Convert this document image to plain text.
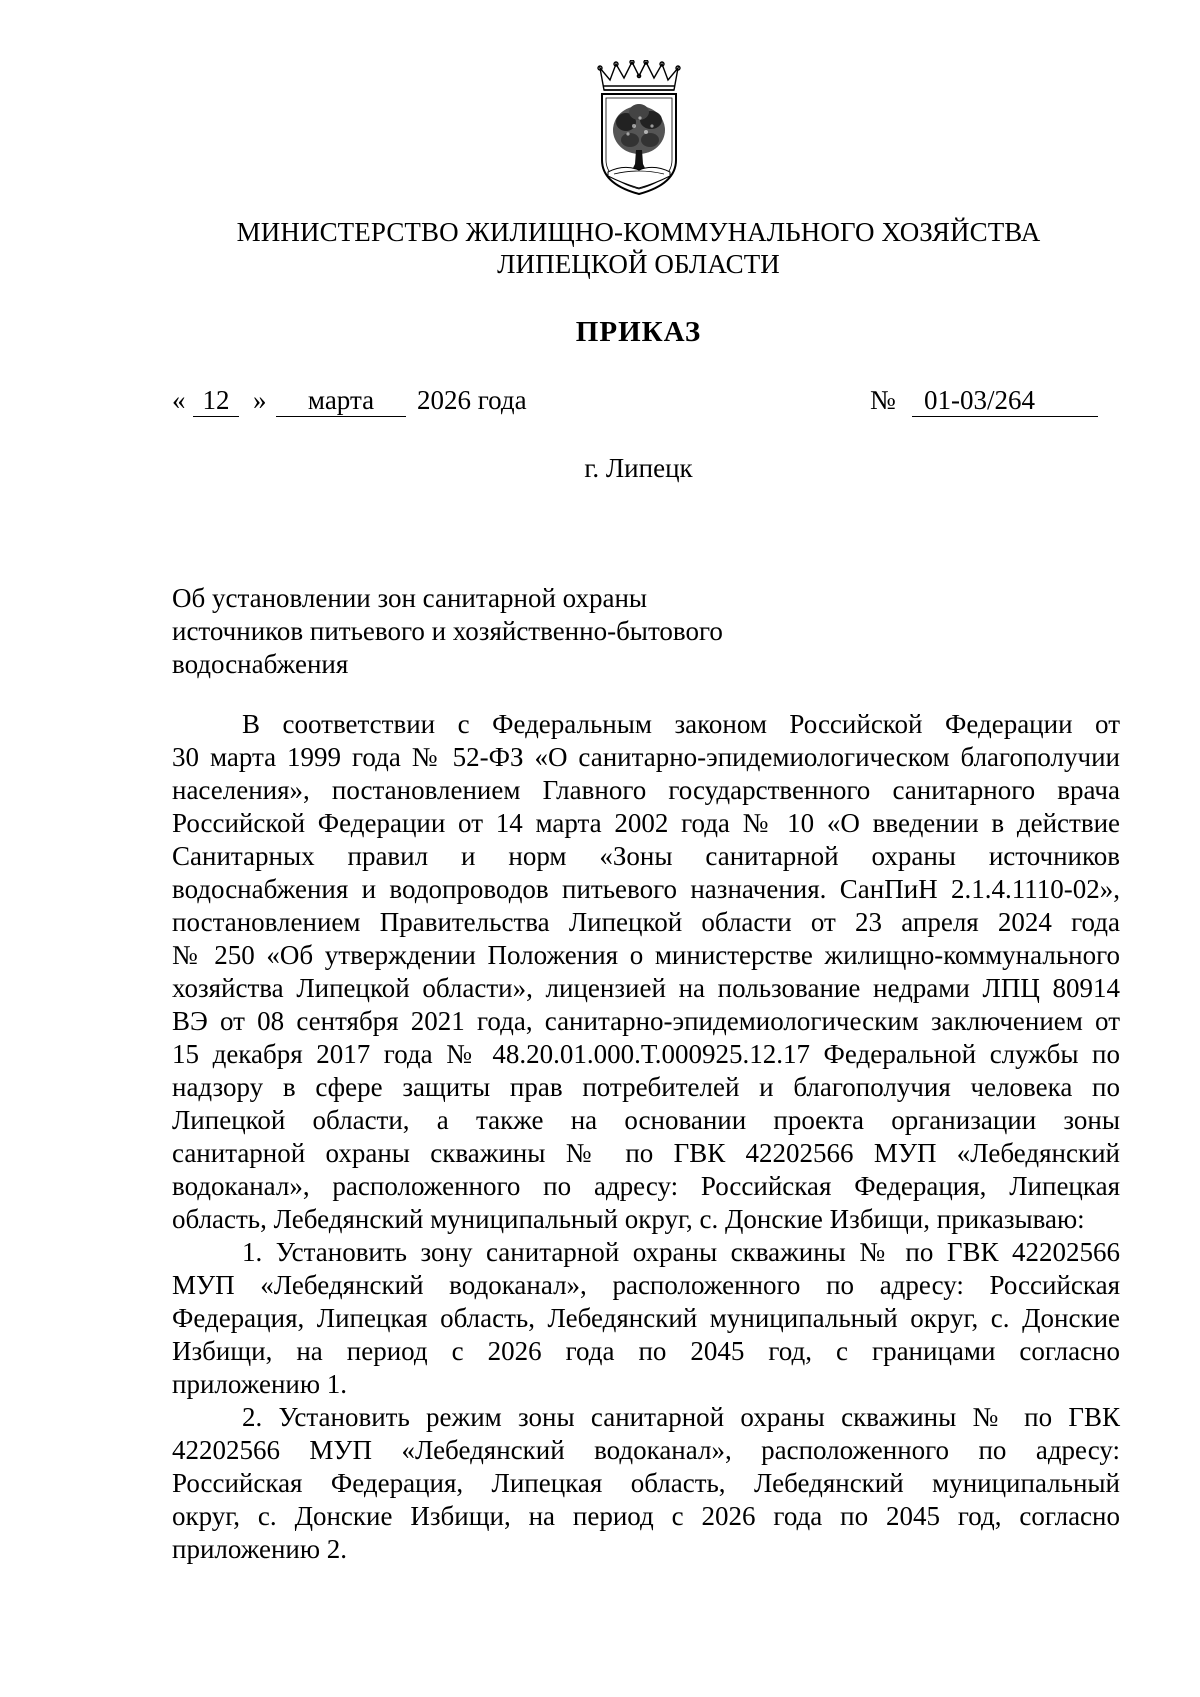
МИНИСТЕРСТВО ЖИЛИЩНО-КОММУНАЛЬНОГО ХОЗЯЙСТВА
ЛИПЕЦКОЙ ОБЛАСТИ
ПРИКАЗ
« 12 »	марта	2026 года	№ 01-03/264
г. Липецк
Об установлении зон санитарной охраны
источников питьевого и хозяйственно-бытового
водоснабжения
В соответствии с Федеральным законом Российской Федерации от
30 марта 1999 года № 52-ФЗ «О санитарно-эпидемиологическом благополучии
населения», постановлением Главного государственного санитарного врача
Российской Федерации от 14 марта 2002 года № 10 «О введении в действие
Санитарных правил и норм «Зоны санитарной охраны источников
водоснабжения и водопроводов питьевого назначения. СанПиН 2.1.4.1110-02»,
постановлением Правительства Липецкой области от 23 апреля 2024 года
№ 250 «Об утверждении Положения о министерстве жилищно-коммунального
хозяйства Липецкой области», лицензией на пользование недрами ЛПЦ 80914
ВЭ от 08 сентября 2021 года, санитарно-эпидемиологическим заключением от
15 декабря 2017 года № 48.20.01.000.Т.000925.12.17 Федеральной службы по
надзору в сфере защиты прав потребителей и благополучия человека по
Липецкой области, а также на основании проекта организации зоны
санитарной охраны скважины № по ГВК 42202566 МУП «Лебедянский
водоканал», расположенного по адресу: Российская Федерация, Липецкая
область, Лебедянский муниципальный округ, с. Донские Избищи, приказываю:
1. Установить зону санитарной охраны скважины № по ГВК 42202566
МУП «Лебедянский водоканал», расположенного по адресу: Российская
Федерация, Липецкая область, Лебедянский муниципальный округ, с. Донские
Избищи, на период с 2026 года по 2045 год, с границами согласно
приложению 1.
2. Установить режим зоны санитарной охраны скважины № по ГВК
42202566 МУП «Лебедянский водоканал», расположенного по адресу:
Российская Федерация, Липецкая область, Лебедянский муниципальный
округ, с. Донские Избищи, на период с 2026 года по 2045 год, согласно
приложению 2.
